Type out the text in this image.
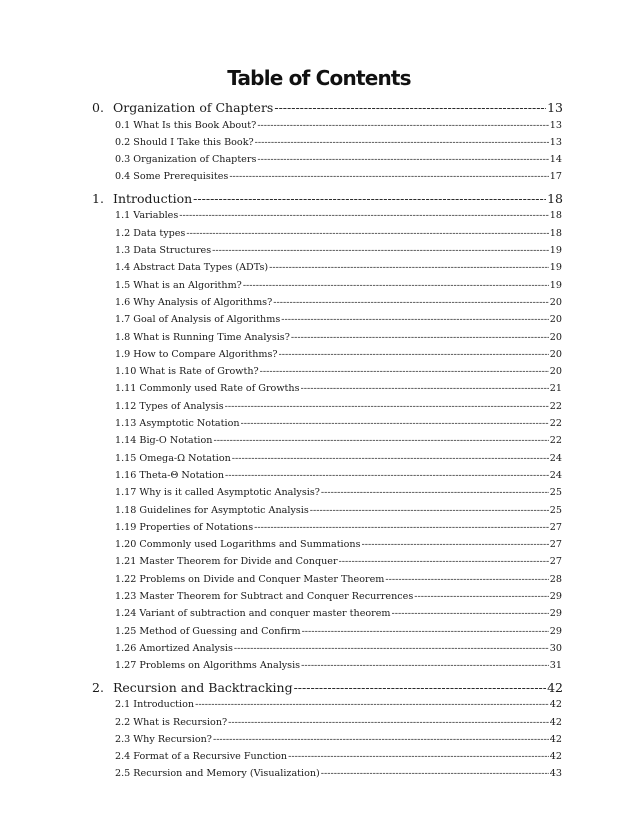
Table of Contents
0. Organization of Chapters -----	13
0.1 What Is this Book About? -----	13
0.2 Should I Take this Book? -----	13
0.3 Organization of Chapters -----	14
0.4 Some Prerequisites -----	17
1. Introduction -----	18
1.1 Variables -----	18
1.2 Data types -----	18
1.3 Data Structures -----	19
1.4 Abstract Data Types (ADTs) -----	19
1.5 What is an Algorithm? -----	19
1.6 Why Analysis of Algorithms? -----	20
1.7 Goal of Analysis of Algorithms -----	20
1.8 What is Running Time Analysis? -----	20
1.9 How to Compare Algorithms? -----	20
1.10 What is Rate of Growth? -----	20
1.11 Commonly used Rate of Growths -----	21
1.12 Types of Analysis -----	22
1.13 Asymptotic Notation -----	22
1.14 Big-O Notation -----	22
1.15 Omega-Ω Notation -----	24
1.16 Theta-Θ Notation -----	24
1.17 Why is it called Asymptotic Analysis? -----	25
1.18 Guidelines for Asymptotic Analysis -----	25
1.19 Properties of Notations -----	27
1.20 Commonly used Logarithms and Summations -----	27
1.21 Master Theorem for Divide and Conquer -----	27
1.22 Problems on Divide and Conquer Master Theorem -----	28
1.23 Master Theorem for Subtract and Conquer Recurrences -----	29
1.24 Variant of subtraction and conquer master theorem -----	29
1.25 Method of Guessing and Confirm -----	29
1.26 Amortized Analysis -----	30
1.27 Problems on Algorithms Analysis -----	31
2. Recursion and Backtracking -----	42
2.1 Introduction -----	42
2.2 What is Recursion? -----	42
2.3 Why Recursion? -----	42
2.4 Format of a Recursive Function -----	42
2.5 Recursion and Memory (Visualization) -----	43
